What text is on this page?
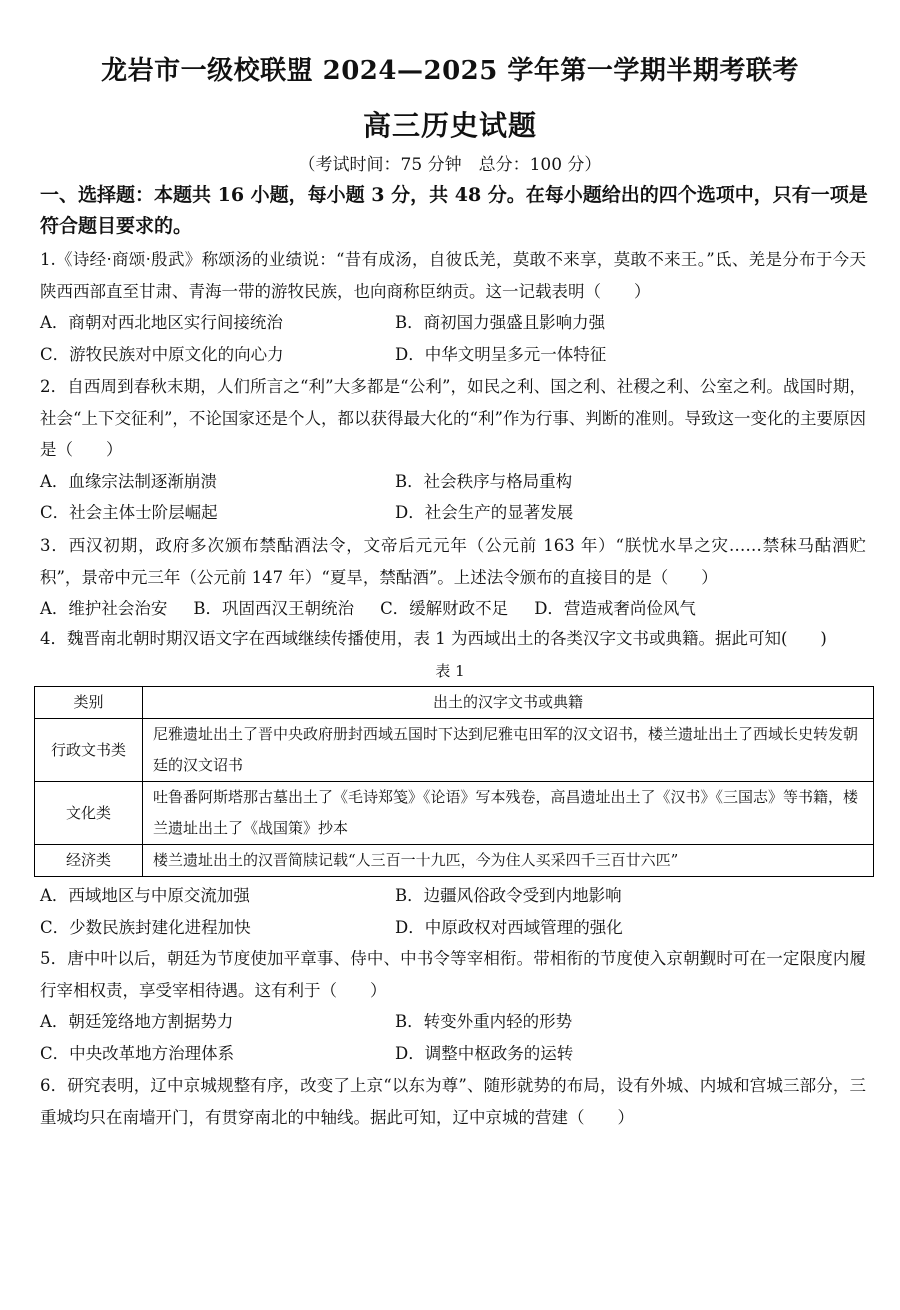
龙岩市一级校联盟 2024—2025 学年第一学期半期考联考
高三历史试题

（考试时间：75 分钟　总分：100 分）

一、选择题：本题共 16 小题，每小题 3 分，共 48 分。在每小题给出的四个选项中，只有一项是符合题目要求的。

1.《诗经·商颂·殷武》称颂汤的业绩说：“昔有成汤，自彼氐羌，莫敢不来享，莫敢不来王。”氐、羌是分布于今天陕西西部直至甘肃、青海一带的游牧民族，也向商称臣纳贡。这一记载表明（　　）

A．商朝对西北地区实行间接统治	B．商初国力强盛且影响力强
C．游牧民族对中原文化的向心力	D．中华文明呈多元一体特征

2．自西周到春秋末期，人们所言之“利”大多都是“公利”，如民之利、国之利、社稷之利、公室之利。战国时期，社会“上下交征利”，不论国家还是个人，都以获得最大化的“利”作为行事、判断的准则。导致这一变化的主要原因是（　　）

A．血缘宗法制逐渐崩溃	B．社会秩序与格局重构
C．社会主体士阶层崛起	D．社会生产的显著发展

3．西汉初期，政府多次颁布禁酤酒法令，文帝后元元年（公元前 163 年）“朕忧水旱之灾……禁秣马酤酒贮积”，景帝中元三年（公元前 147 年）“夏旱，禁酤酒”。上述法令颁布的直接目的是（　　）

A．维护社会治安 B．巩固西汉王朝统治 C．缓解财政不足 D．营造戒奢尚俭风气

4．魏晋南北朝时期汉语文字在西域继续传播使用，表 1 为西域出土的各类汉字文书或典籍。据此可知(　　)

表 1

类别	出土的汉字文书或典籍
行政文书类	尼雅遗址出土了晋中央政府册封西域五国时下达到尼雅屯田军的汉文诏书，楼兰遗址出土了西域长史转发朝廷的汉文诏书
文化类	吐鲁番阿斯塔那古墓出土了《毛诗郑笺》《论语》写本残卷，高昌遗址出土了《汉书》《三国志》等书籍，楼兰遗址出土了《战国策》抄本
经济类	楼兰遗址出土的汉晋简牍记载“人三百一十九匹，今为住人买采四千三百廿六匹”
A．西域地区与中原交流加强	B．边疆风俗政令受到内地影响
C．少数民族封建化进程加快	D．中原政权对西域管理的强化

5．唐中叶以后，朝廷为节度使加平章事、侍中、中书令等宰相衔。带相衔的节度使入京朝觐时可在一定限度内履行宰相权责，享受宰相待遇。这有利于（　　）

A．朝廷笼络地方割据势力	B．转变外重内轻的形势
C．中央改革地方治理体系	D．调整中枢政务的运转

6．研究表明，辽中京城规整有序，改变了上京“以东为尊”、随形就势的布局，设有外城、内城和宫城三部分，三重城均只在南墙开门，有贯穿南北的中轴线。据此可知，辽中京城的营建（　　）
